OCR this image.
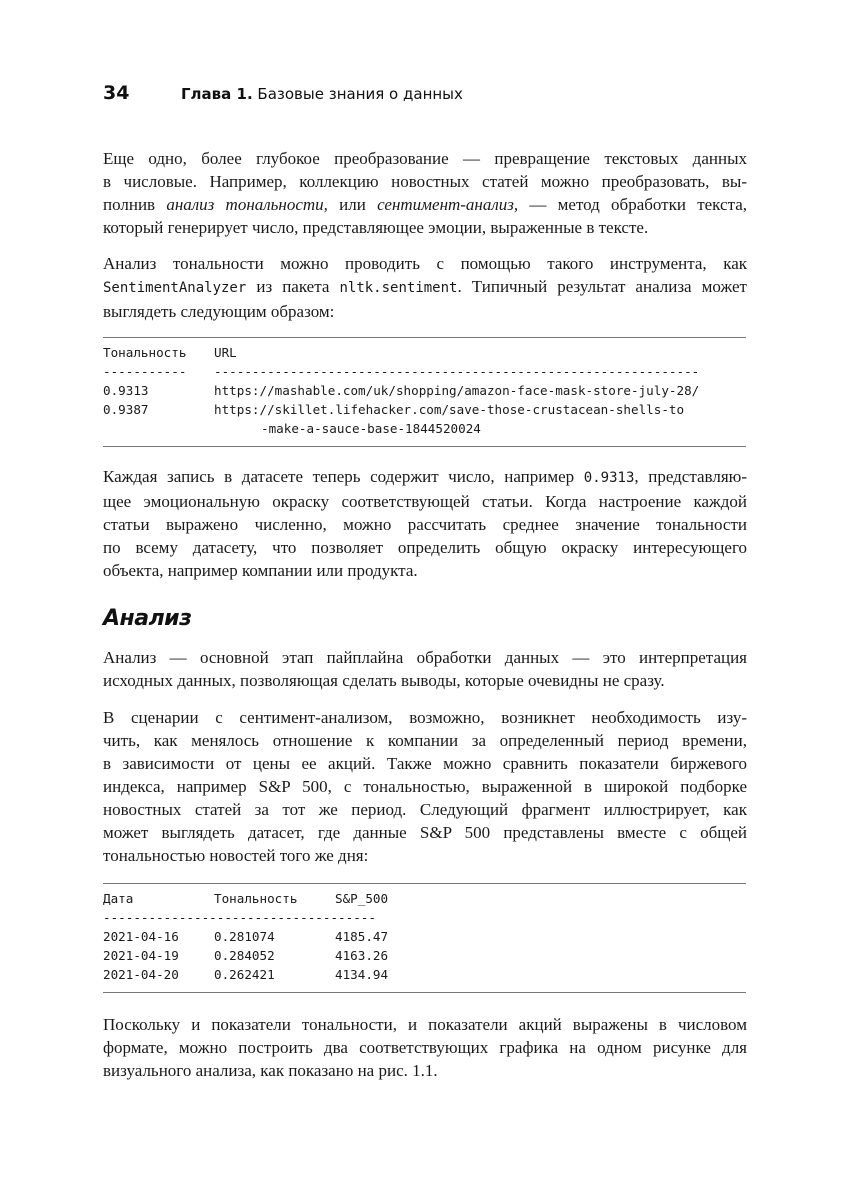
34	Глава 1. Базовые знания о данных
Еще одно, более глубокое преобразование — превращение текстовых данных
в числовые. Например, коллекцию новостных статей можно преобразовать, вы-
полнив анализ тональности, или сентимент-анализ, — метод обработки текста,
который генерирует число, представляющее эмоции, выраженные в тексте.
Анализ тональности можно проводить с помощью такого инструмента, как
SentimentAnalyzer из пакета nltk.sentiment. Типичный результат анализа может
выглядеть следующим образом:
Тональность URL
----------- ----------------------------------------------------------------
0.9313	https://mashable.com/uk/shopping/amazon-face-mask-store-july-28/
0.9387	https://skillet.lifehacker.com/save-those-crustacean-shells-to
-make-a-sauce-base-1844520024
Каждая запись в датасете теперь содержит число, например 0.9313, представляю-
щее эмоциональную окраску соответствующей статьи. Когда настроение каждой
статьи выражено численно, можно рассчитать среднее значение тональности
по всему датасету, что позволяет определить общую окраску интересующего
объекта, например компании или продукта.
Анализ
Анализ — основной этап пайплайна обработки данных — это интерпретация
исходных данных, позволяющая сделать выводы, которые очевидны не сразу.
В сценарии с сентимент-анализом, возможно, возникнет необходимость изу-
чить, как менялось отношение к компании за определенный период времени,
в зависимости от цены ее акций. Также можно сравнить показатели биржевого
индекса, например S&P 500, с тональностью, выраженной в широкой подборке
новостных статей за тот же период. Следующий фрагмент иллюстрирует, как
может выглядеть датасет, где данные S&P 500 представлены вместе с общей
тональностью новостей того же дня:
Дата	Тональность	S&P_500
------------------------------------
2021-04-16	0.281074	4185.47
2021-04-19	0.284052	4163.26
2021-04-20	0.262421	4134.94
Поскольку и показатели тональности, и показатели акций выражены в числовом
формате, можно построить два соответствующих графика на одном рисунке для
визуального анализа, как показано на рис. 1.1.
